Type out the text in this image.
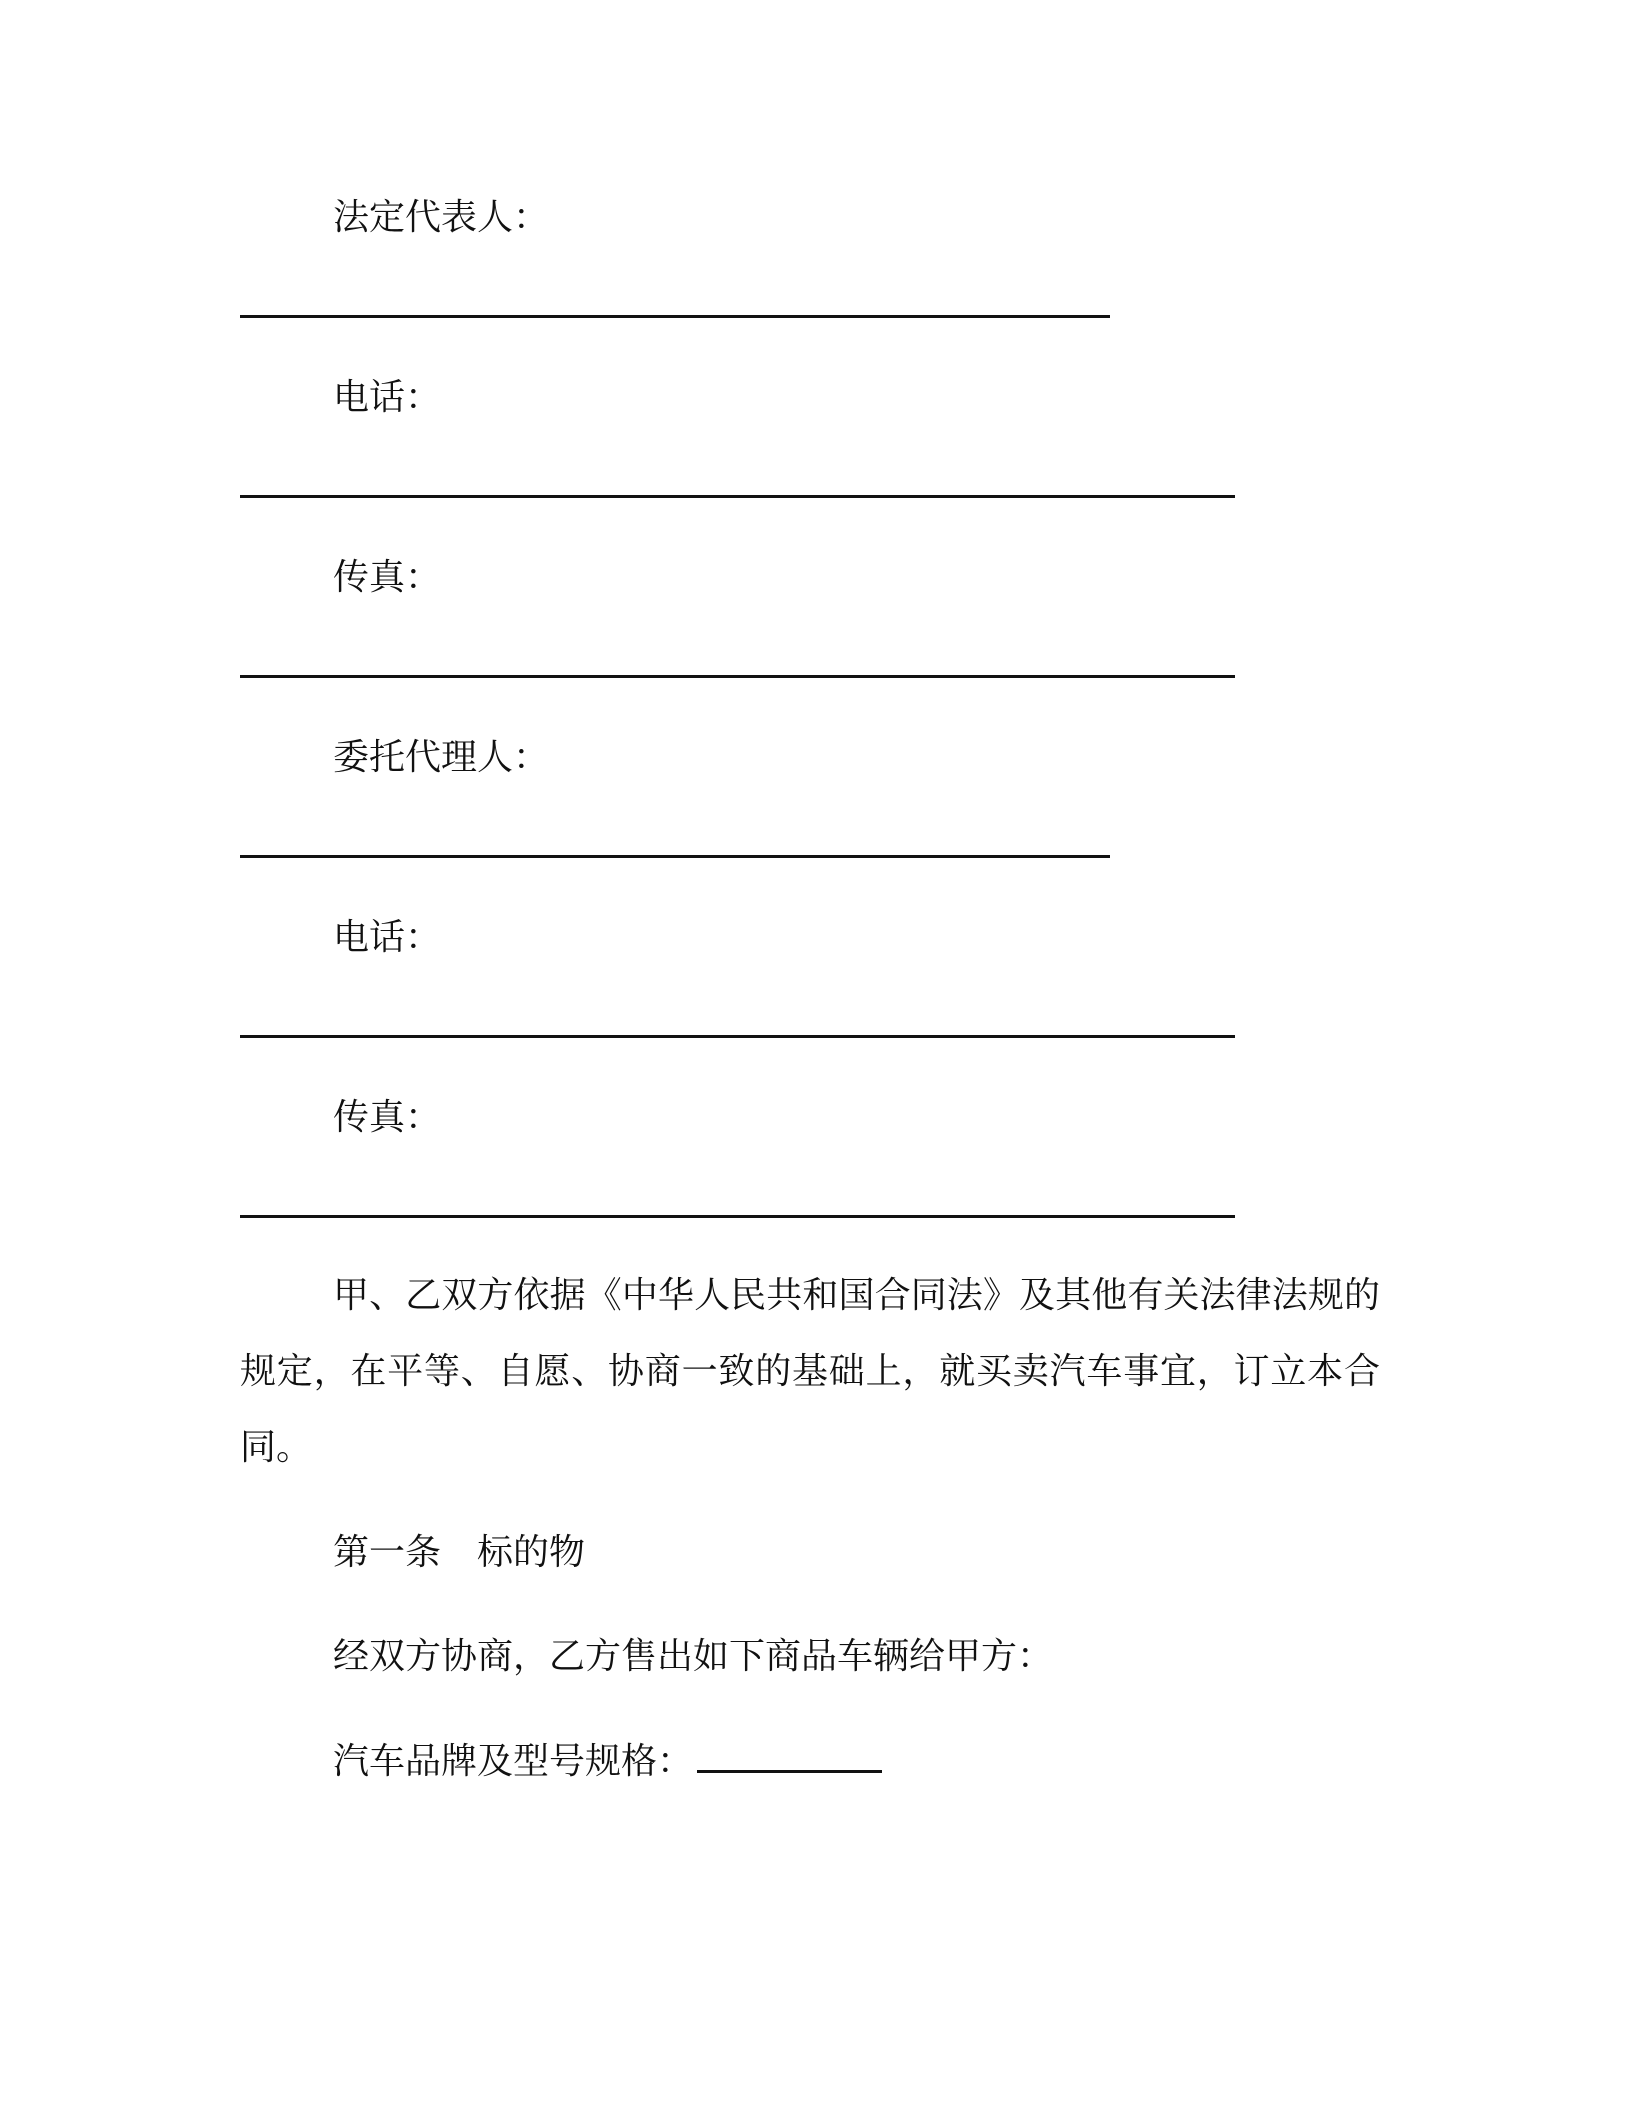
法定代表人：
电话：
传真：
委托代理人：
电话：
传真：
甲、乙双方依据《中华人民共和国合同法》及其他有关法律法规的规定，在平等、自愿、协商一致的基础上，就买卖汽车事宜，订立本合同。
第一条　标的物
经双方协商，乙方售出如下商品车辆给甲方：
汽车品牌及型号规格：
